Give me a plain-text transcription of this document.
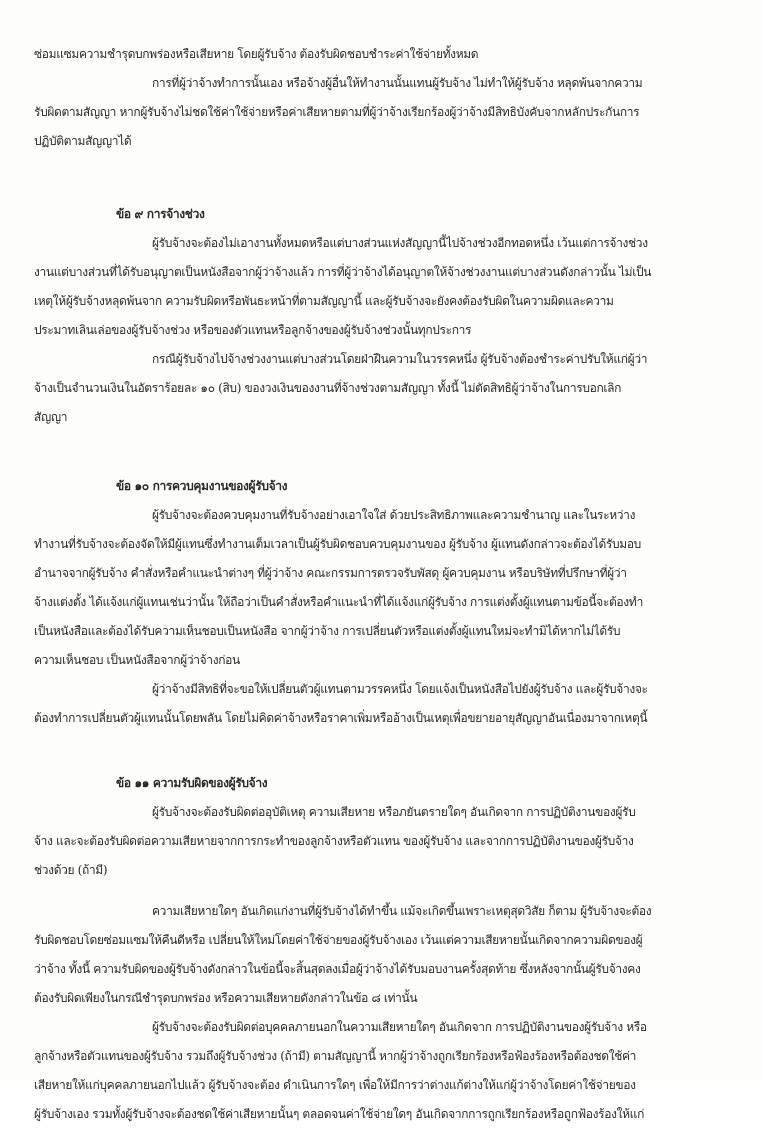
ซ่อมแซมความชำรุดบกพร่องหรือเสียหาย โดยผู้รับจ้าง ต้องรับผิดชอบชำระค่าใช้จ่ายทั้งหมด
การที่ผู้ว่าจ้างทำการนั้นเอง หรือจ้างผู้อื่นให้ทำงานนั้นแทนผู้รับจ้าง ไม่ทำให้ผู้รับจ้าง หลุดพ้นจากความ
รับผิดตามสัญญา หากผู้รับจ้างไม่ชดใช้ค่าใช้จ่ายหรือค่าเสียหายตามที่ผู้ว่าจ้างเรียกร้องผู้ว่าจ้างมีสิทธิบังคับจากหลักประกันการ
ปฏิบัติตามสัญญาได้
ข้อ ๙ การจ้างช่วง
ผู้รับจ้างจะต้องไม่เอางานทั้งหมดหรือแต่บางส่วนแห่งสัญญานี้ไปจ้างช่วงอีกทอดหนึ่ง เว้นแต่การจ้างช่วง
งานแต่บางส่วนที่ได้รับอนุญาตเป็นหนังสือจากผู้ว่าจ้างแล้ว การที่ผู้ว่าจ้างได้อนุญาตให้จ้างช่วงงานแต่บางส่วนดังกล่าวนั้น ไม่เป็น
เหตุให้ผู้รับจ้างหลุดพ้นจาก ความรับผิดหรือพันธะหน้าที่ตามสัญญานี้ และผู้รับจ้างจะยังคงต้องรับผิดในความผิดและความ
ประมาทเลินเล่อของผู้รับจ้างช่วง หรือของตัวแทนหรือลูกจ้างของผู้รับจ้างช่วงนั้นทุกประการ
กรณีผู้รับจ้างไปจ้างช่วงงานแต่บางส่วนโดยฝ่าฝืนความในวรรคหนึ่ง ผู้รับจ้างต้องชำระค่าปรับให้แก่ผู้ว่า
จ้างเป็นจำนวนเงินในอัตราร้อยละ ๑๐ (สิบ) ของวงเงินของงานที่จ้างช่วงตามสัญญา ทั้งนี้ ไม่ตัดสิทธิผู้ว่าจ้างในการบอกเลิก
สัญญา
ข้อ ๑๐ การควบคุมงานของผู้รับจ้าง
ผู้รับจ้างจะต้องควบคุมงานที่รับจ้างอย่างเอาใจใส่ ด้วยประสิทธิภาพและความชำนาญ และในระหว่าง
ทำงานที่รับจ้างจะต้องจัดให้มีผู้แทนซึ่งทำงานเต็มเวลาเป็นผู้รับผิดชอบควบคุมงานของ ผู้รับจ้าง ผู้แทนดังกล่าวจะต้องได้รับมอบ
อำนาจจากผู้รับจ้าง คำสั่งหรือคำแนะนำต่างๆ ที่ผู้ว่าจ้าง คณะกรรมการตรวจรับพัสดุ ผู้ควบคุมงาน หรือบริษัทที่ปรึกษาที่ผู้ว่า
จ้างแต่งตั้ง ได้แจ้งแก่ผู้แทนเช่นว่านั้น ให้ถือว่าเป็นคำสั่งหรือคำแนะนำที่ได้แจ้งแก่ผู้รับจ้าง การแต่งตั้งผู้แทนตามข้อนี้จะต้องทำ
เป็นหนังสือและต้องได้รับความเห็นชอบเป็นหนังสือ จากผู้ว่าจ้าง การเปลี่ยนตัวหรือแต่งตั้งผู้แทนใหม่จะทำมิได้หากไม่ได้รับ
ความเห็นชอบ เป็นหนังสือจากผู้ว่าจ้างก่อน
ผู้ว่าจ้างมีสิทธิที่จะขอให้เปลี่ยนตัวผู้แทนตามวรรคหนึ่ง โดยแจ้งเป็นหนังสือไปยังผู้รับจ้าง และผู้รับจ้างจะ
ต้องทำการเปลี่ยนตัวผู้แทนนั้นโดยพลัน โดยไม่คิดค่าจ้างหรือราคาเพิ่มหรืออ้างเป็นเหตุเพื่อขยายอายุสัญญาอันเนื่องมาจากเหตุนี้
ข้อ ๑๑ ความรับผิดของผู้รับจ้าง
ผู้รับจ้างจะต้องรับผิดต่ออุบัติเหตุ ความเสียหาย หรือภยันตรายใดๆ อันเกิดจาก การปฏิบัติงานของผู้รับ
จ้าง และจะต้องรับผิดต่อความเสียหายจากการกระทำของลูกจ้างหรือตัวแทน ของผู้รับจ้าง และจากการปฏิบัติงานของผู้รับจ้าง
ช่วงด้วย (ถ้ามี)
ความเสียหายใดๆ อันเกิดแก่งานที่ผู้รับจ้างได้ทำขึ้น แม้จะเกิดขึ้นเพราะเหตุสุดวิสัย ก็ตาม ผู้รับจ้างจะต้อง
รับผิดชอบโดยซ่อมแซมให้คืนดีหรือ เปลี่ยนให้ใหม่โดยค่าใช้จ่ายของผู้รับจ้างเอง เว้นแต่ความเสียหายนั้นเกิดจากความผิดของผู้
ว่าจ้าง ทั้งนี้ ความรับผิดของผู้รับจ้างดังกล่าวในข้อนี้จะสิ้นสุดลงเมื่อผู้ว่าจ้างได้รับมอบงานครั้งสุดท้าย ซึ่งหลังจากนั้นผู้รับจ้างคง
ต้องรับผิดเพียงในกรณีชำรุดบกพร่อง หรือความเสียหายดังกล่าวในข้อ ๘ เท่านั้น
ผู้รับจ้างจะต้องรับผิดต่อบุคคลภายนอกในความเสียหายใดๆ อันเกิดจาก การปฏิบัติงานของผู้รับจ้าง หรือ
ลูกจ้างหรือตัวแทนของผู้รับจ้าง รวมถึงผู้รับจ้างช่วง (ถ้ามี) ตามสัญญานี้ หากผู้ว่าจ้างถูกเรียกร้องหรือฟ้องร้องหรือต้องชดใช้ค่า
เสียหายให้แก่บุคคลภายนอกไปแล้ว ผู้รับจ้างจะต้อง ดำเนินการใดๆ เพื่อให้มีการว่าต่างแก้ต่างให้แก่ผู้ว่าจ้างโดยค่าใช้จ่ายของ
ผู้รับจ้างเอง รวมทั้งผู้รับจ้างจะต้องชดใช้ค่าเสียหายนั้นๆ ตลอดจนค่าใช้จ่ายใดๆ อันเกิดจากการถูกเรียกร้องหรือถูกฟ้องร้องให้แก่
